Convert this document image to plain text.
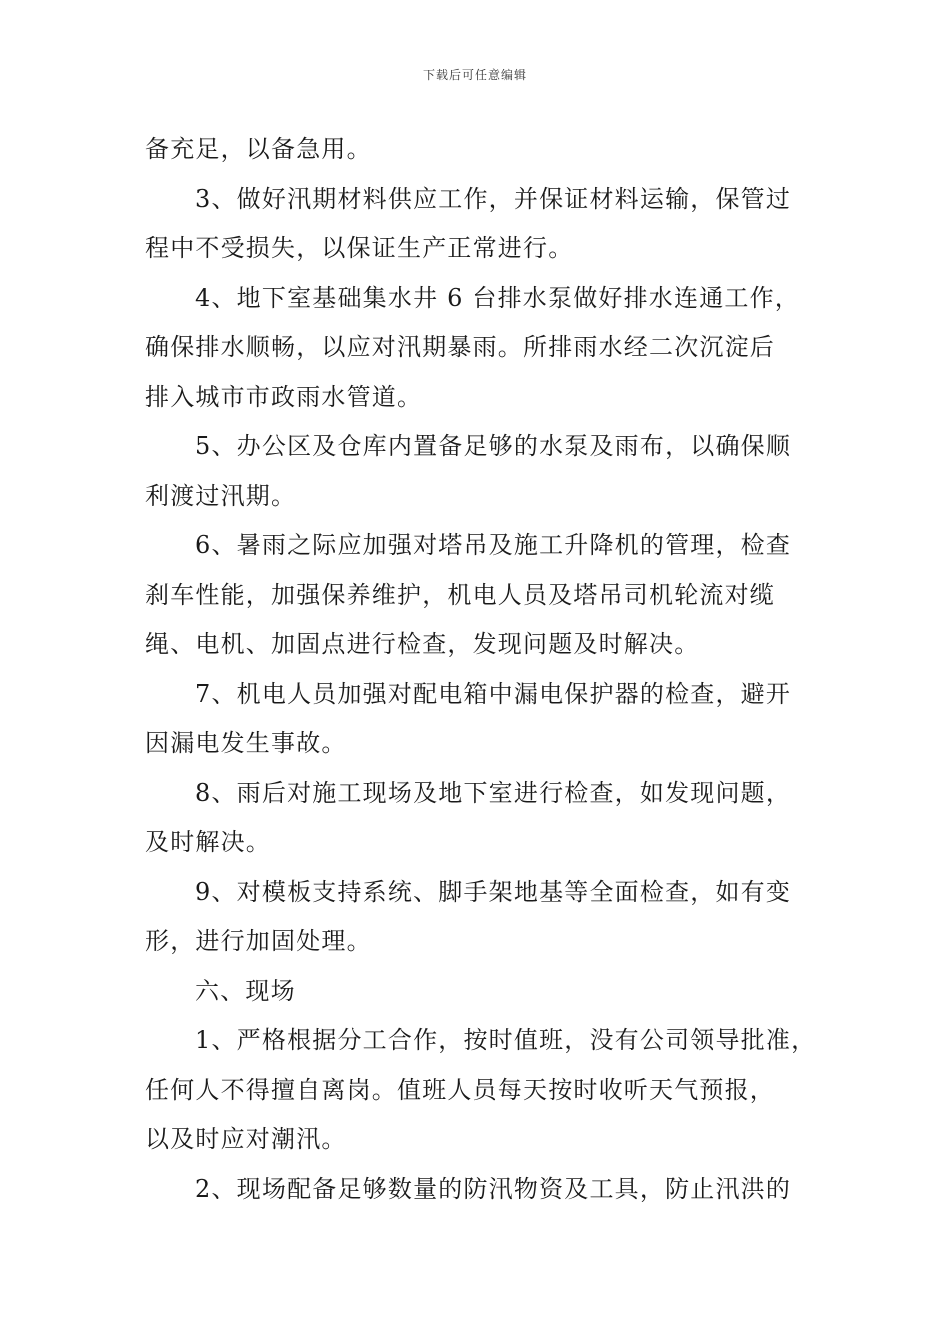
下载后可任意编辑
备充足，以备急用。
3、做好汛期材料供应工作，并保证材料运输，保管过
程中不受损失，以保证生产正常进行。
4、地下室基础集水井 6 台排水泵做好排水连通工作，
确保排水顺畅，以应对汛期暴雨。所排雨水经二次沉淀后
排入城市市政雨水管道。
5、办公区及仓库内置备足够的水泵及雨布，以确保顺
利渡过汛期。
6、暑雨之际应加强对塔吊及施工升降机的管理，检查
刹车性能，加强保养维护，机电人员及塔吊司机轮流对缆
绳、电机、加固点进行检查，发现问题及时解决。
7、机电人员加强对配电箱中漏电保护器的检查，避开
因漏电发生事故。
8、雨后对施工现场及地下室进行检查，如发现问题，
及时解决。
9、对模板支持系统、脚手架地基等全面检查，如有变
形，进行加固处理。
六、现场
1、严格根据分工合作，按时值班，没有公司领导批准，
任何人不得擅自离岗。值班人员每天按时收听天气预报，
以及时应对潮汛。
2、现场配备足够数量的防汛物资及工具，防止汛洪的
